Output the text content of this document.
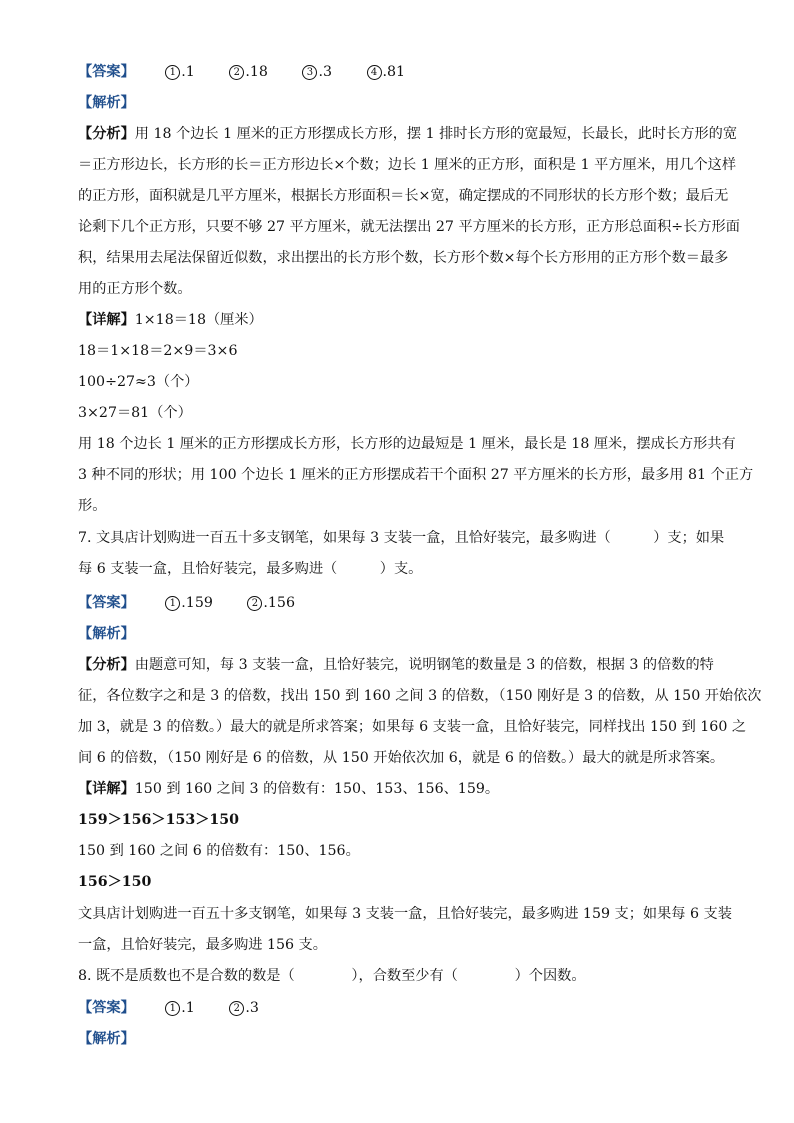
【答案】	1 .1	2 .18	3 .3	4 .81
【解析】
【分析】用 18 个边长 1 厘米的正方形摆成长方形，摆 1 排时长方形的宽最短，长最长，此时长方形的宽
＝正方形边长，长方形的长＝正方形边长×个数；边长 1 厘米的正方形，面积是 1 平方厘米，用几个这样
的正方形，面积就是几平方厘米，根据长方形面积＝长×宽，确定摆成的不同形状的长方形个数；最后无
论剩下几个正方形，只要不够 27 平方厘米，就无法摆出 27 平方厘米的长方形，正方形总面积÷长方形面
积，结果用去尾法保留近似数，求出摆出的长方形个数，长方形个数×每个长方形用的正方形个数＝最多
用的正方形个数。
【详解】1×18＝18（厘米）
18＝1×18＝2×9＝3×6
100÷27≈3（个）
3×27＝81（个）
用 18 个边长 1 厘米的正方形摆成长方形，长方形的边最短是 1 厘米，最长是 18 厘米，摆成长方形共有
3 种不同的形状；用 100 个边长 1 厘米的正方形摆成若干个面积 27 平方厘米的长方形，最多用 81 个正方
形。
7. 文具店计划购进一百五十多支钢笔，如果每 3 支装一盒，且恰好装完，最多购进（　　　）支；如果
每 6 支装一盒，且恰好装完，最多购进（　　　）支。
【答案】	1 .159	2 .156
【解析】
【分析】由题意可知，每 3 支装一盒，且恰好装完，说明钢笔的数量是 3 的倍数，根据 3 的倍数的特
征，各位数字之和是 3 的倍数，找出 150 到 160 之间 3 的倍数，（150 刚好是 3 的倍数，从 150 开始依次
加 3，就是 3 的倍数。）最大的就是所求答案；如果每 6 支装一盒，且恰好装完，同样找出 150 到 160 之
间 6 的倍数，（150 刚好是 6 的倍数，从 150 开始依次加 6，就是 6 的倍数。）最大的就是所求答案。
【详解】150 到 160 之间 3 的倍数有：150、153、156、159。
159＞156＞153＞150
150 到 160 之间 6 的倍数有：150、156。
156＞150
文具店计划购进一百五十多支钢笔，如果每 3 支装一盒，且恰好装完，最多购进 159 支；如果每 6 支装
一盒，且恰好装完，最多购进 156 支。
8. 既不是质数也不是合数的数是（　　　　），合数至少有（　　　　）个因数。
【答案】	1 .1	2 .3
【解析】
